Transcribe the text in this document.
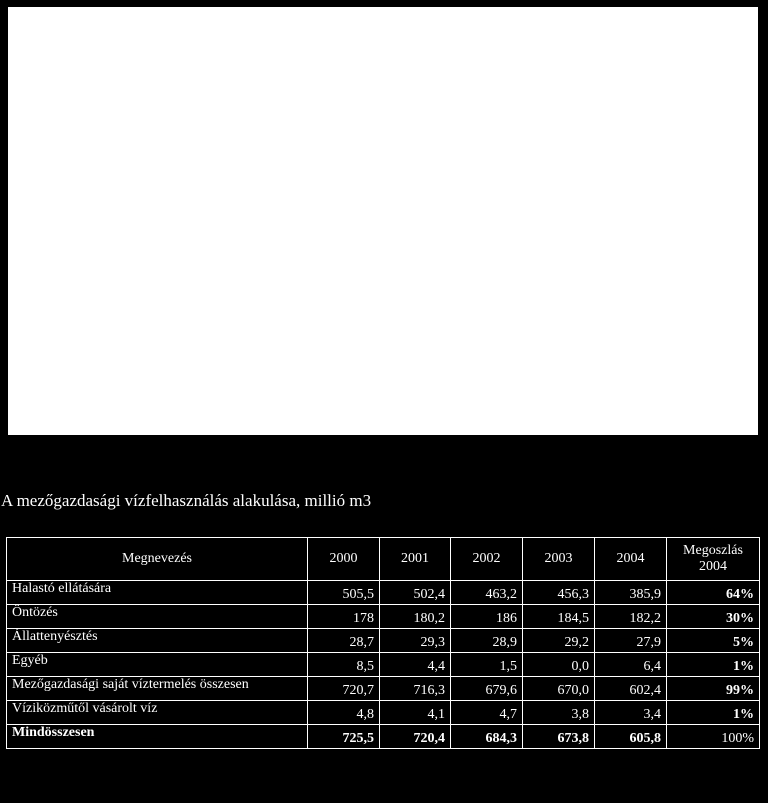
A mezőgazdasági vízfelhasználás alakulása, millió m3
Megnevezés	2000	2001	2002	2003	2004	Megoszlás 2004
Halastó ellátására	505,5	502,4	463,2	456,3	385,9	64%
Öntözés	178	180,2	186	184,5	182,2	30%
Állattenyésztés	28,7	29,3	28,9	29,2	27,9	5%
Egyéb	8,5	4,4	1,5	0,0	6,4	1%
Mezőgazdasági saját víztermelés összesen	720,7	716,3	679,6	670,0	602,4	99%
Víziközműtől vásárolt víz	4,8	4,1	4,7	3,8	3,4	1%
Mindösszesen	725,5	720,4	684,3	673,8	605,8	100%
